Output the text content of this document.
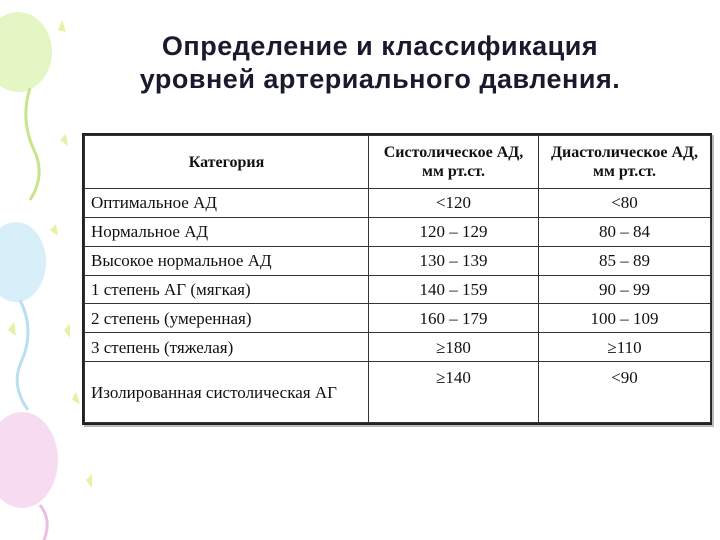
Определение и классификация
уровней артериального давления.
Категория	Систолическое АД, мм рт.ст.	Диастолическое АД, мм рт.ст.
Оптимальное АД	<120	<80
Нормальное АД	120 – 129	80 – 84
Высокое нормальное АД	130 – 139	85 – 89
1 степень АГ (мягкая)	140 – 159	90 – 99
2 степень (умеренная)	160 – 179	100 – 109
3 степень (тяжелая)	≥180	≥110
Изолированная систолическая АГ	≥140	<90
